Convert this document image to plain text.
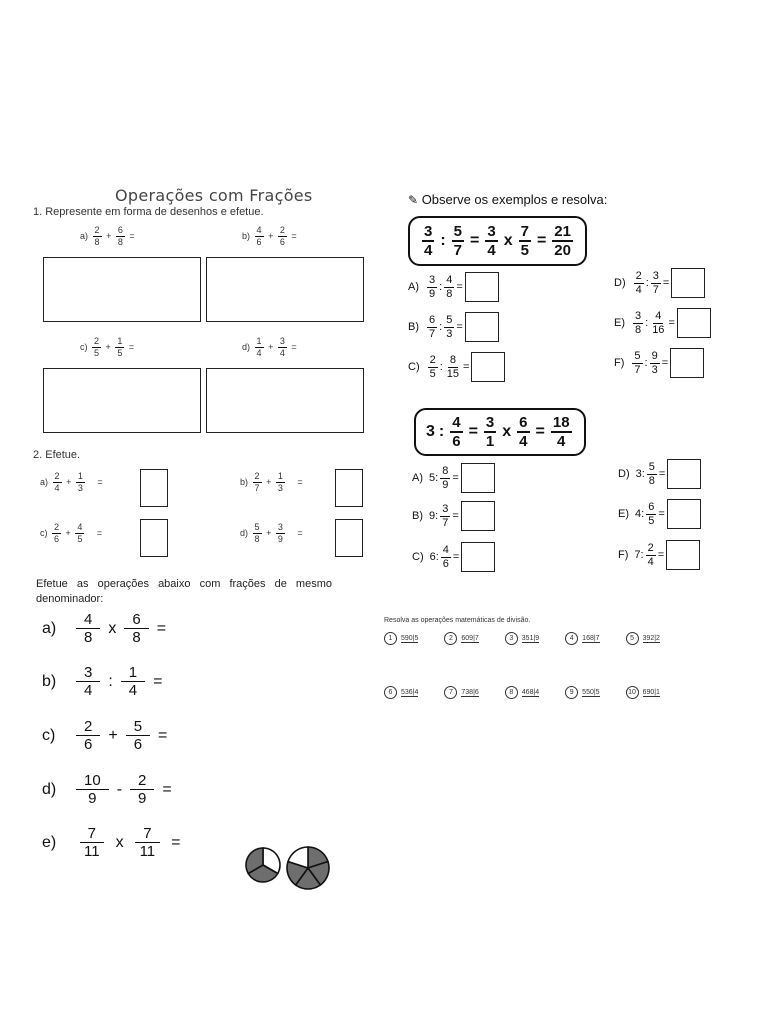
Operações com Frações
1. Represente em forma de desenhos e efetue.
$a) \frac{2}{8} + \frac{6}{8}$ =	$b) \frac{4}{6} + \frac{2}{6}$ =
$c) \frac{2}{5} + \frac{1}{5}$ =	$d) \frac{1}{4} + \frac{3}{4}$ =
2. Efetue.
$a) \frac{2}{4} + \frac{1}{3}$ =	$b) \frac{2}{7} + \frac{1}{3}$ =
$c) \frac{2}{6} + \frac{4}{5}$ =	$d) \frac{5}{8} + \frac{3}{9}$ =
✎ Observe os exemplos e resolva:
$\frac{3}{4}$ : $\frac{5}{7} = \frac{3}{4}$ x $\frac{7}{5} = \frac{21}{20}$
$A) \frac{3}{9}$ : $\frac{4}{8}$ =	$D) \frac{2}{4}$ : $\frac{3}{7}$ =
$B) \frac{6}{7}$ : $\frac{5}{3}$ =	$E) \frac{3}{8}$ : $\frac{4}{16}$ =
$C) \frac{2}{5}$ : $\frac{8}{15}$ =	$F) \frac{5}{7}$ : $\frac{9}{3}$ =
3 : $\frac{4}{6} = \frac{3}{1}$ x $\frac{6}{4} = \frac{18}{4}$
A) 5 : $\frac{8}{9}$ =	D) 3 : $\frac{5}{8}$ =
B) 9 : $\frac{3}{7}$ =	E) 4 : $\frac{6}{5}$ =
C) 6 : $\frac{4}{6}$ =	F) 7 : $\frac{2}{4}$ =
Resolva as operações matemáticas de divisão.
1	590|5	2	609|7	3	351|9	4	168|7	5	392|2
6	536|4	7	738|6	8	468|4	9	550|5	10 690|1
Efetue as operações abaixo com frações de mesmo denominador:
a)	$\frac{4}{8}$ x $\frac{6}{8}$ =
b)	$\frac{3}{4}$ : $\frac{1}{4}$ =
c)	$\frac{2}{6} + \frac{5}{6}$ =
d)	$\frac{10}{9} - \frac{2}{9}$ =
e)	$\frac{7}{11}$ x $\frac{7}{11}$ =
